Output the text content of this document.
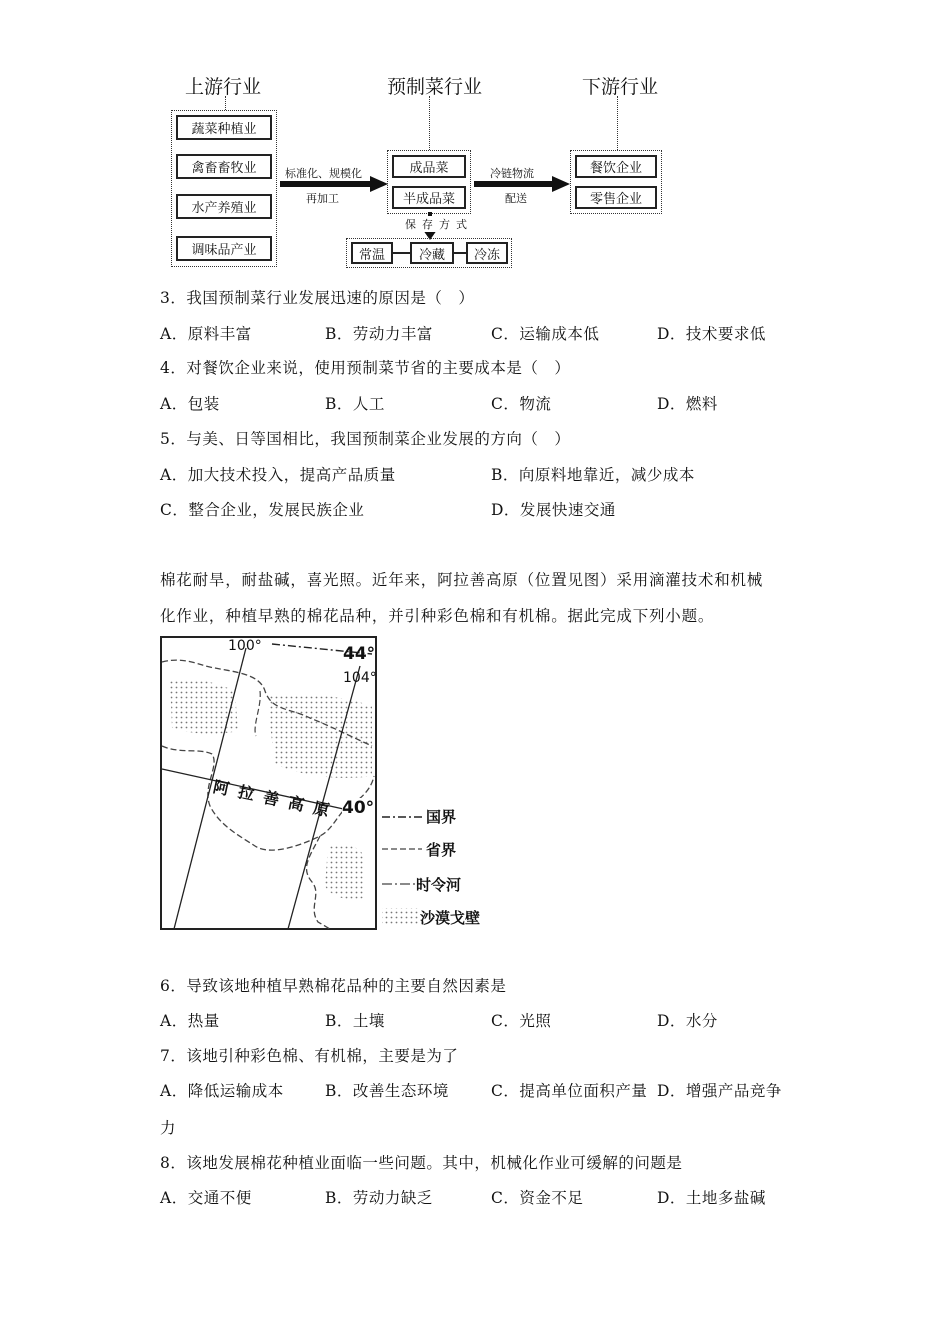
上游行业	预制菜行业	下游行业
蔬菜种植业
禽畜畜牧业
水产养殖业
调味品产业
标准化、规模化
再加工
成品菜
半成品菜
冷链物流
配送
餐饮企业
零售企业
保存方式
常温	冷藏	冷冻
3．我国预制菜行业发展迅速的原因是（　）
A．原料丰富	B．劳动力丰富	C．运输成本低	D．技术要求低
4．对餐饮企业来说，使用预制菜节省的主要成本是（　）
A．包装	B．人工	C．物流	D．燃料
5．与美、日等国相比，我国预制菜企业发展的方向（　）
A．加大技术投入，提高产品质量	B．向原料地靠近，减少成本
C．整合企业，发展民族企业	D．发展快速交通
棉花耐旱，耐盐碱，喜光照。近年来，阿拉善高原（位置见图）采用滴灌技术和机械
化作业，种植早熟的棉花品种，并引种彩色棉和有机棉。据此完成下列小题。
100°	44°
104°
40°
阿 拉 善 高 原	国界
省界
时令河
沙漠戈壁
6．导致该地种植早熟棉花品种的主要自然因素是
A．热量	B．土壤	C．光照	D．水分
7．该地引种彩色棉、有机棉，主要是为了
A．降低运输成本	B．改善生态环境	C．提高单位面积产量 D．增强产品竞争
力
8．该地发展棉花种植业面临一些问题。其中，机械化作业可缓解的问题是
A．交通不便	B．劳动力缺乏	C．资金不足	D．土地多盐碱
